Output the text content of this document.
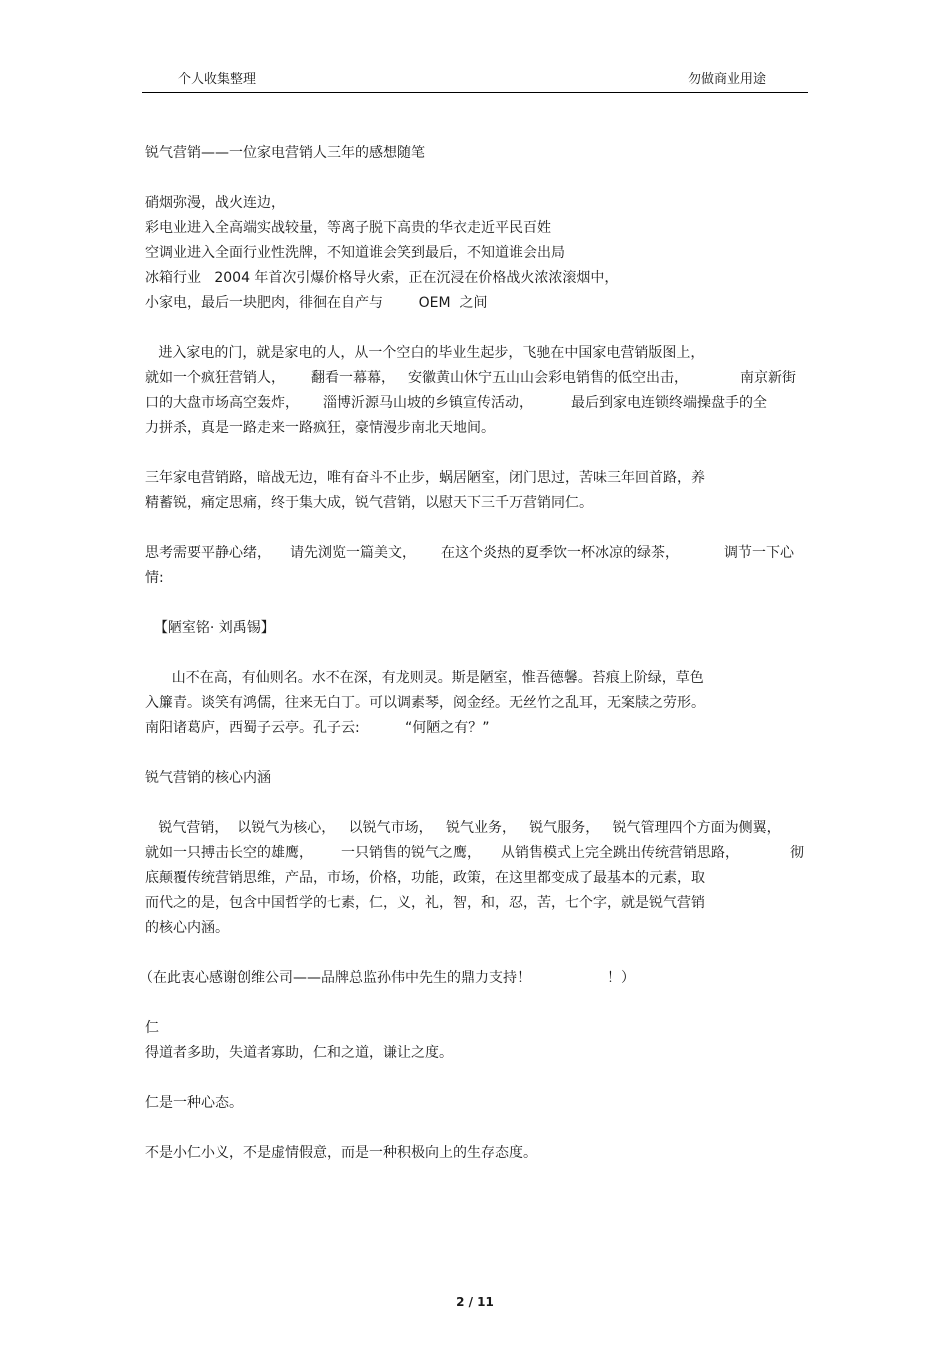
个人收集整理	勿做商业用途
锐气营销——一位家电营销人三年的感想随笔
硝烟弥漫，战火连边，
彩电业进入全高端实战较量，等离子脱下高贵的华衣走近平民百姓
空调业进入全面行业性洗牌，不知道谁会笑到最后，不知道谁会出局
冰箱行业   2004 年首次引爆价格导火索，正在沉浸在价格战火浓浓滚烟中，
小家电，最后一块肥肉，徘徊在自产与        OEM  之间
进入家电的门，就是家电的人，从一个空白的毕业生起步，飞驰在中国家电营销版图上，

就如一个疯狂营销人，

翻看一幕幕，

安徽黄山休宁五山山会彩电销售的低空出击，

	南京新街

口的大盘市场高空轰炸，

淄博沂源马山坡的乡镇宣传活动，

	最后到家电连锁终端操盘手的全

力拼杀，真是一路走来一路疯狂，豪情漫步南北天地间。
三年家电营销路，暗战无边，唯有奋斗不止步，蜗居陋室，闭门思过，苦味三年回首路，养
精蓄锐，痛定思痛，终于集大成，锐气营销，以慰天下三千万营销同仁。

思考需要平静心绪，

请先浏览一篇美文，

在这个炎热的夏季饮一杯冰凉的绿茶，

	调节一下心

情:
【陋室铭· 刘禹锡】
山不在高，有仙则名。水不在深，有龙则灵。斯是陋室，惟吾德馨。苔痕上阶绿，草色
入簾青。谈笑有鸿儒，往来无白丁。可以调素琴，阅金经。无丝竹之乱耳，无案牍之劳形。

南阳诸葛庐，西蜀子云亭。孔子云:

	“何陋之有？”

锐气营销的核心内涵
锐气营销，  以锐气为核心，   以锐气市场，   锐气业务，   锐气服务，   锐气管理四个方面为侧翼，

就如一只搏击长空的雄鹰，

一只销售的锐气之鹰，

从销售模式上完全跳出传统营销思路，

	彻

底颠覆传统营销思维，产品，市场，价格，功能，政策，在这里都变成了最基本的元素，取
而代之的是，包含中国哲学的七素，仁，义，礼，智，和，忍，苦，七个字，就是锐气营销
的核心内涵。

（在此衷心感谢创维公司——品牌总监孙伟中先生的鼎力支持！

	！）

仁
得道者多助，失道者寡助，仁和之道，谦让之度。
仁是一种心态。
不是小仁小义，不是虚情假意，而是一种积极向上的生存态度。
2 / 11
